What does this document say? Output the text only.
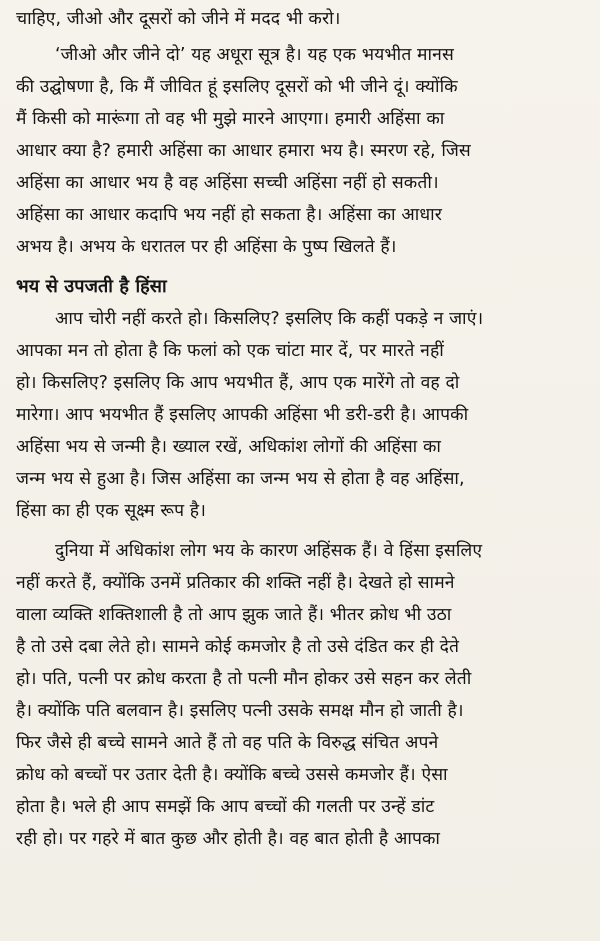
चाहिए, जीओ और दूसरों को जीने में मदद भी करो।
‘जीओ और जीने दो’ यह अधूरा सूत्र है। यह एक भयभीत मानस
की उद्घोषणा है, कि मैं जीवित हूं इसलिए दूसरों को भी जीने दूं। क्योंकि
मैं किसी को मारूंगा तो वह भी मुझे मारने आएगा। हमारी अहिंसा का
आधार क्या है? हमारी अहिंसा का आधार हमारा भय है। स्मरण रहे, जिस
अहिंसा का आधार भय है वह अहिंसा सच्ची अहिंसा नहीं हो सकती।
अहिंसा का आधार कदापि भय नहीं हो सकता है। अहिंसा का आधार
अभय है। अभय के धरातल पर ही अहिंसा के पुष्प खिलते हैं।
भय से उपजती है हिंसा
आप चोरी नहीं करते हो। किसलिए? इसलिए कि कहीं पकड़े न जाएं।
आपका मन तो होता है कि फलां को एक चांटा मार दें, पर मारते नहीं
हो। किसलिए? इसलिए कि आप भयभीत हैं, आप एक मारेंगे तो वह दो
मारेगा। आप भयभीत हैं इसलिए आपकी अहिंसा भी डरी-डरी है। आपकी
अहिंसा भय से जन्मी है। ख्याल रखें, अधिकांश लोगों की अहिंसा का
जन्म भय से हुआ है। जिस अहिंसा का जन्म भय से होता है वह अहिंसा,
हिंसा का ही एक सूक्ष्म रूप है।
दुनिया में अधिकांश लोग भय के कारण अहिंसक हैं। वे हिंसा इसलिए
नहीं करते हैं, क्योंकि उनमें प्रतिकार की शक्ति नहीं है। देखते हो सामने
वाला व्यक्ति शक्तिशाली है तो आप झुक जाते हैं। भीतर क्रोध भी उठा
है तो उसे दबा लेते हो। सामने कोई कमजोर है तो उसे दंडित कर ही देते
हो। पति, पत्नी पर क्रोध करता है तो पत्नी मौन होकर उसे सहन कर लेती
है। क्योंकि पति बलवान है। इसलिए पत्नी उसके समक्ष मौन हो जाती है।
फिर जैसे ही बच्चे सामने आते हैं तो वह पति के विरुद्ध संचित अपने
क्रोध को बच्चों पर उतार देती है। क्योंकि बच्चे उससे कमजोर हैं। ऐसा
होता है। भले ही आप समझें कि आप बच्चों की गलती पर उन्हें डांट
रही हो। पर गहरे में बात कुछ और होती है। वह बात होती है आपका
